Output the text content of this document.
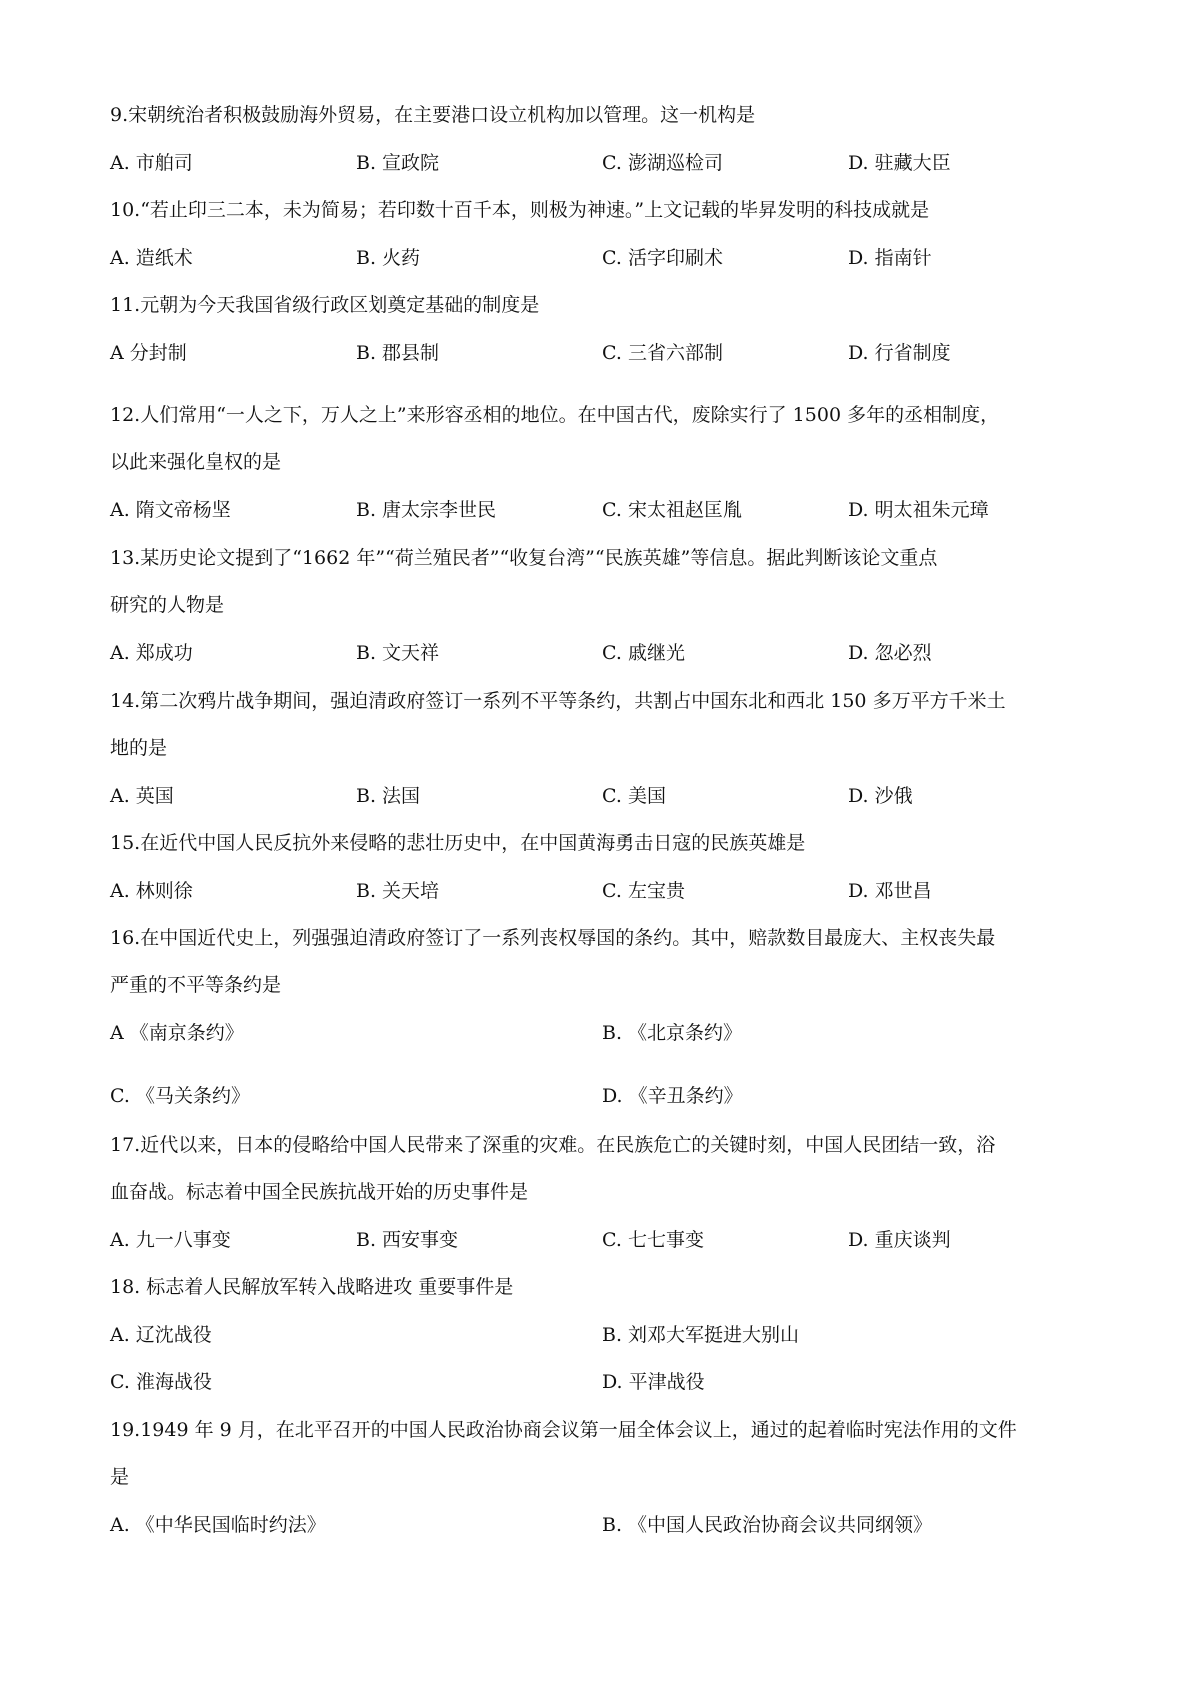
9.宋朝统治者积极鼓励海外贸易，在主要港口设立机构加以管理。这一机构是
A. 市舶司	B. 宣政院	C. 澎湖巡检司	D. 驻藏大臣
10.“若止印三二本，未为简易；若印数十百千本，则极为神速。”上文记载的毕昇发明的科技成就是
A. 造纸术	B. 火药	C. 活字印刷术	D. 指南针
11.元朝为今天我国省级行政区划奠定基础的制度是
A 分封制	B. 郡县制	C. 三省六部制	D. 行省制度
12.人们常用“一人之下，万人之上”来形容丞相的地位。在中国古代，废除实行了 1500 多年的丞相制度，
以此来强化皇权的是
A. 隋文帝杨坚	B. 唐太宗李世民	C. 宋太祖赵匡胤	D. 明太祖朱元璋
13.某历史论文提到了“1662 年”“荷兰殖民者”“收复台湾”“民族英雄”等信息。据此判断该论文重点
研究的人物是
A. 郑成功	B. 文天祥	C. 戚继光	D. 忽必烈
14.第二次鸦片战争期间，强迫清政府签订一系列不平等条约，共割占中国东北和西北 150 多万平方千米土
地的是
A. 英国	B. 法国	C. 美国	D. 沙俄
15.在近代中国人民反抗外来侵略的悲壮历史中，在中国黄海勇击日寇的民族英雄是
A. 林则徐	B. 关天培	C. 左宝贵	D. 邓世昌
16.在中国近代史上，列强强迫清政府签订了一系列丧权辱国的条约。其中，赔款数目最庞大、主权丧失最
严重的不平等条约是
A 《南京条约》	B. 《北京条约》
C. 《马关条约》	D. 《辛丑条约》
17.近代以来，日本的侵略给中国人民带来了深重的灾难。在民族危亡的关键时刻，中国人民团结一致，浴
血奋战。标志着中国全民族抗战开始的历史事件是
A. 九一八事变	B. 西安事变	C. 七七事变	D. 重庆谈判
18. 标志着人民解放军转入战略进攻 重要事件是
A. 辽沈战役	B. 刘邓大军挺进大别山
C. 淮海战役	D. 平津战役
19.1949 年 9 月，在北平召开的中国人民政治协商会议第一届全体会议上，通过的起着临时宪法作用的文件
是
A. 《中华民国临时约法》	B. 《中国人民政治协商会议共同纲领》
